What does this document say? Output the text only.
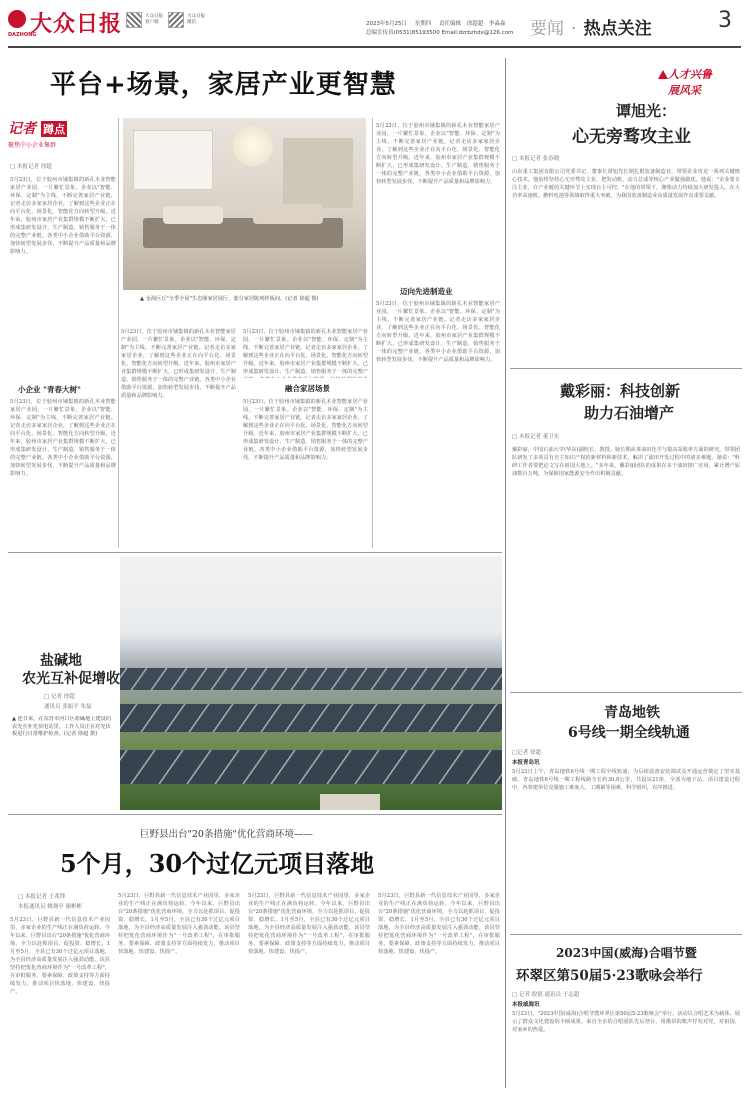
大众日报
DAZHONG
大众日报
客户端
大众日报
微信	2023年5月25日 星期四 责任编辑 徐超超 李淼淼
总编室传真(0531)85193500 Email:dzrbzhdx@126.com 要闻 · 热点关注	3
平台+场景，家居产业更智慧
记者 蹲点
聚焦中小企业集群
□ 本报记者 徐超
▲ 金海巨丘"全季全屋"生态圈家居展厅，部分家居陈列样板间。(记者 徐超 摄)
5月23日，位于胶州市铺集镇的新孔木业智能家居产业园，一片繁忙景象。企业以"智能、环保、定制"为主线，不断完善家居产业链。记者走访多家家居企业，了解到这些企业正在向平台化、场景化、智能化方向转型升级。近年来，胶州市家居产业集群规模不断扩大，已形成集研发设计、生产制造、销售服务于一体的完整产业链。各类中小企业借助平台资源，加快转型发展步伐，不断提升产品质量和品牌影响力。
小企业 "青春大树"
5月23日，位于胶州市铺集镇的新孔木业智能家居产业园，一片繁忙景象。企业以"智能、环保、定制"为主线，不断完善家居产业链。记者走访多家家居企业，了解到这些企业正在向平台化、场景化、智能化方向转型升级。近年来，胶州市家居产业集群规模不断扩大，已形成集研发设计、生产制造、销售服务于一体的完整产业链。各类中小企业借助平台资源，加快转型发展步伐，不断提升产品质量和品牌影响力。
5月23日，位于胶州市铺集镇的新孔木业智能家居产业园，一片繁忙景象。企业以"智能、环保、定制"为主线，不断完善家居产业链。记者走访多家家居企业，了解到这些企业正在向平台化、场景化、智能化方向转型升级。近年来，胶州市家居产业集群规模不断扩大，已形成集研发设计、生产制造、销售服务于一体的完整产业链。各类中小企业借助平台资源，加快转型发展步伐，不断提升产品质量和品牌影响力。
5月23日，位于胶州市铺集镇的新孔木业智能家居产业园，一片繁忙景象。企业以"智能、环保、定制"为主线，不断完善家居产业链。记者走访多家家居企业，了解到这些企业正在向平台化、场景化、智能化方向转型升级。近年来，胶州市家居产业集群规模不断扩大，已形成集研发设计、生产制造、销售服务于一体的完整产
融合家居场景
5月23日，位于胶州市铺集镇的新孔木业智能家居产业园，一片繁忙景象。企业以"智能、环保、定制"为主线，不断完善家居产业链。记者走访多家家居企业，了解到这些企业正在向平台化、场景化、智能化方向转型升级。近年来，胶州市家居产业集群规模不断扩大，已形成集研发设计、生产制造、销售服务于一体的完整产业链。各类中小企业借助平台资源，加快转型发展步伐，不断提升产品质量和品牌影响力。
5月23日，位于胶州市铺集镇的新孔木业智能家居产业园，一片繁忙景象。企业以"智能、环保、定制"为主线，不断完善家居产业链。记者走访多家家居企业，了解到这些企业正在向平台化、场景化、智能化方向转型升级。近年来，胶州市家居产业集群规模不断扩大，已形成集研发设计、生产制造、销售服务于一体的完整产业链。各类中小企业借助平台资源，加快转型发展步伐，不断提升产品质量和品牌影响力。
迈向先进制造业
5月23日，位于胶州市铺集镇的新孔木业智能家居产业园，一片繁忙景象。企业以"智能、环保、定制"为主线，不断完善家居产业链。记者走访多家家居企业，了解到这些企业正在向平台化、场景化、智能化方向转型升级。近年来，胶州市家居产业集群规模不断扩大，已形成集研发设计、生产制造、销售服务于一体的完整产业链。各类中小企业借助平台资源，加快转型发展步伐，不断提升产品质量和品牌影响力。
盐碱地
农光互补促增收
□ 记者 徐超
通讯员 张振平 朱磊
▲ 连日来，在东营市河口区盐碱地上建设的农光互补光伏电站里，工作人员正在对光伏板进行日常维护检查。(记者 徐超 摄)
巨野县出台"20条措施"优化营商环境——
5个月，30个过亿元项目落地
□ 本报记者 王兆锋
本报通讯员 姚观亭 谢彬彬
5月23日，巨野县新一代信息技术产业园里，多家企业的生产线正在满负荷运转。今年以来，巨野县出台"20条措施"优化营商环境，全力以赴抓项目、促投资、稳增长。1月至5月，全县已有30个过亿元项目落地，为全县经济高质量发展注入强劲动能。该县坚持把优化营商环境作为"一号改革工程"，在审批服务、要素保障、政策支持等方面持续发力，推动项目快落地、快建设、快投产。
5月23日，巨野县新一代信息技术产业园里，多家企业的生产线正在满负荷运转。今年以来，巨野县出台"20条措施"优化营商环境，全力以赴抓项目、促投资、稳增长。1月至5月，全县已有30个过亿元项目落地，为全县经济高质量发展注入强劲动能。该县坚持把优化营商环境作为"一号改革工程"，在审批服务、要素保障、政策支持等方面持续发力，推动项目快落地、快建设、快投产。
5月23日，巨野县新一代信息技术产业园里，多家企业的生产线正在满负荷运转。今年以来，巨野县出台"20条措施"优化营商环境，全力以赴抓项目、促投资、稳增长。1月至5月，全县已有30个过亿元项目落地，为全县经济高质量发展注入强劲动能。该县坚持把优化营商环境作为"一号改革工程"，在审批服务、要素保障、政策支持等方面持续发力，推动项目快落地、快建设、快投产。
5月23日，巨野县新一代信息技术产业园里，多家企业的生产线正在满负荷运转。今年以来，巨野县出台"20条措施"优化营商环境，全力以赴抓项目、促投资、稳增长。1月至5月，全县已有30个过亿元项目落地，为全县经济高质量发展注入强劲动能。该县坚持把优化营商环境作为"一号改革工程"，在审批服务、要素保障、政策支持等方面持续发力，推动项目快落地、快建设、快投产。
人才兴鲁
展风采
谭旭光：
心无旁骛攻主业
□ 本报记者 张春晓
山东重工集团有限公司党委书记、董事长谭旭光长期扎根装备制造业，带领企业攻克一系列关键核心技术。他始终坚持心无旁骛攻主业，把发动机、动力总成等核心产业做强做优。他说："企业要专注主业，在产业链的关键环节上实现自主可控。"在他的带领下，潍柴动力持续加大研发投入，在大功率高速机、燃料电池等领域取得重大突破，为我国装备制造业高质量发展作出重要贡献。
戴彩丽：科技创新
助力石油增产
□ 本报记者 董卫东
戴彩丽，中国石油大学(华东)副校长、教授。她长期从事油田化学与提高采收率方面的研究，带领团队研发了多项具有自主知识产权的新材料和新技术，解决了油田开发过程中的诸多难题。她说："科研工作者要把论文写在祖国大地上。"多年来，戴彩丽团队的成果在多个油田推广应用，累计增产原油数百万吨，为保障国家能源安全作出积极贡献。
青岛地铁
6号线一期全线轨通
□记者 徐超
本报青岛讯
5月23日上午，青岛地铁6号线一期工程全线轨通，为后续设备安装调试及开通运营奠定了坚实基础。青岛地铁6号线一期工程线路全长约30.8公里，共设站21座，全部为地下站。项目建设过程中，各参建单位克服施工难度大、工期紧等困难，科学组织，有序推进。
2023中国(威海)合唱节暨
环翠区第50届5·23歌咏会举行
□ 记者 殷德 通讯员 于志超
本报威海讯
5月23日，"2023中国(威海)合唱节暨环翠区第50届5·23歌咏会"举行。活动以合唱艺术为载体，展示了群众文化建设的丰硕成果。来自全市的合唱团队先后登台，用激昂的歌声抒发对党、对祖国、对家乡的热爱。
